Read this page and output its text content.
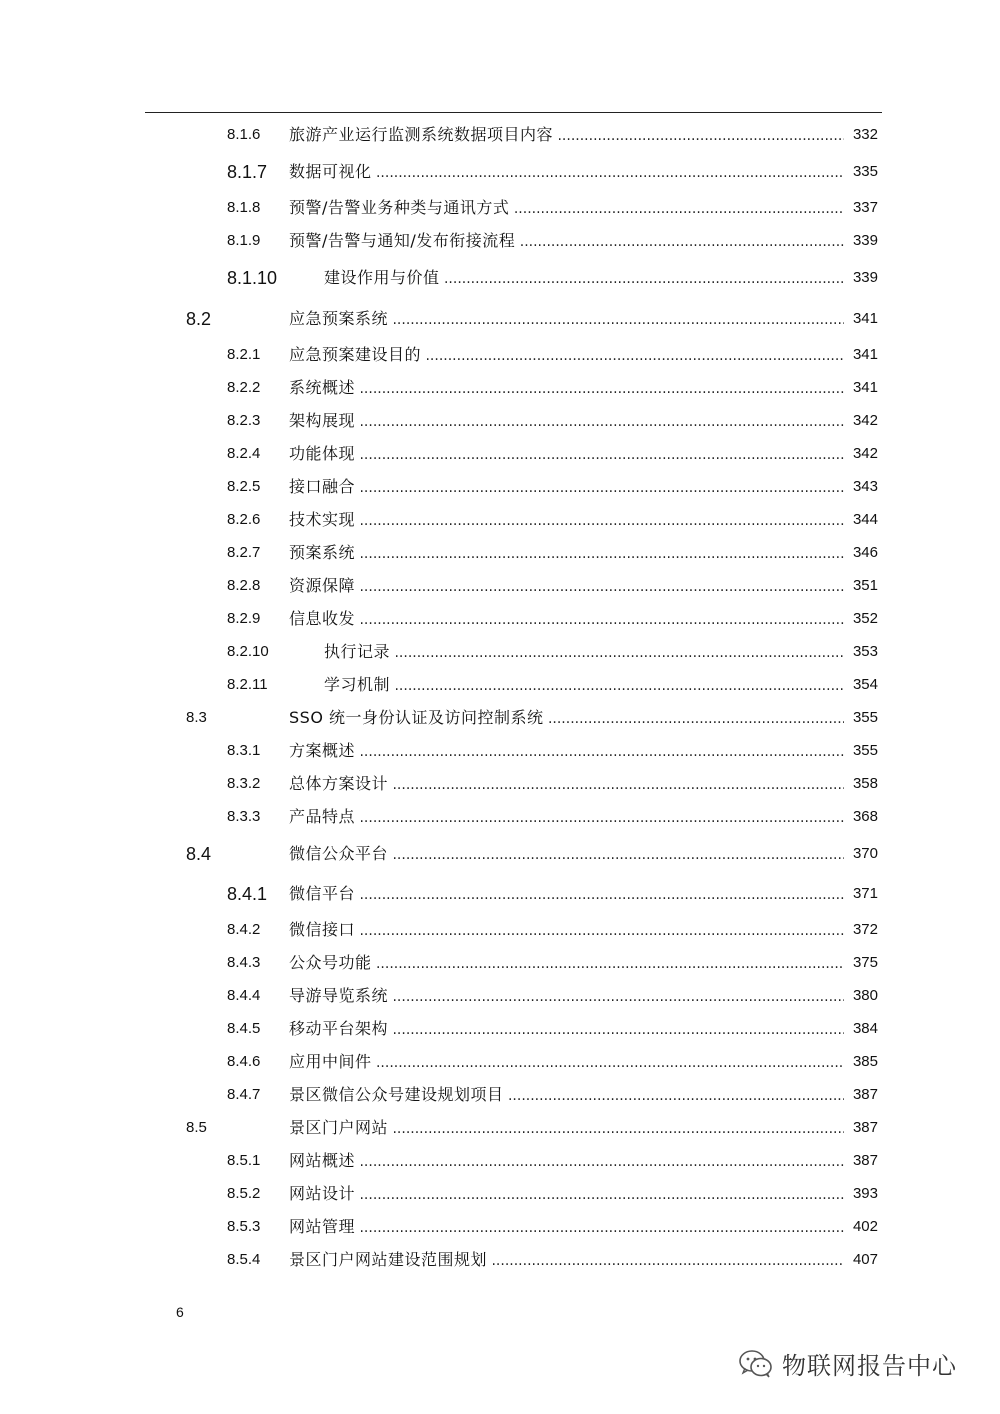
8.1.6 旅游产业运行监测系统数据项目内容 .....	332
8.1.7 数据可视化 .....	335
8.1.8 预警/告警业务种类与通讯方式 .....	337
8.1.9 预警/告警与通知/发布衔接流程 .....	339
8.1.10	建设作用与价值 .....	339
8.2	应急预案系统 .....	341
8.2.1 应急预案建设目的 .....	341
8.2.2 系统概述 .....	341
8.2.3 架构展现 .....	342
8.2.4 功能体现 .....	342
8.2.5 接口融合 .....	343
8.2.6 技术实现 .....	344
8.2.7 预案系统 .....	346
8.2.8 资源保障 .....	351
8.2.9 信息收发 .....	352
8.2.10	执行记录 .....	353
8.2.11	学习机制 .....	354
8.3	SSO 统一身份认证及访问控制系统 .....	355
8.3.1 方案概述 .....	355
8.3.2 总体方案设计 .....	358
8.3.3 产品特点 .....	368
8.4	微信公众平台 .....	370
8.4.1 微信平台 .....	371
8.4.2 微信接口 .....	372
8.4.3 公众号功能 .....	375
8.4.4 导游导览系统 .....	380
8.4.5 移动平台架构 .....	384
8.4.6 应用中间件 .....	385
8.4.7 景区微信公众号建设规划项目 .....	387
8.5	景区门户网站 .....	387
8.5.1 网站概述 .....	387
8.5.2 网站设计 .....	393
8.5.3 网站管理 .....	402
8.5.4 景区门户网站建设范围规划 .....	407
6
物联网报告中心
